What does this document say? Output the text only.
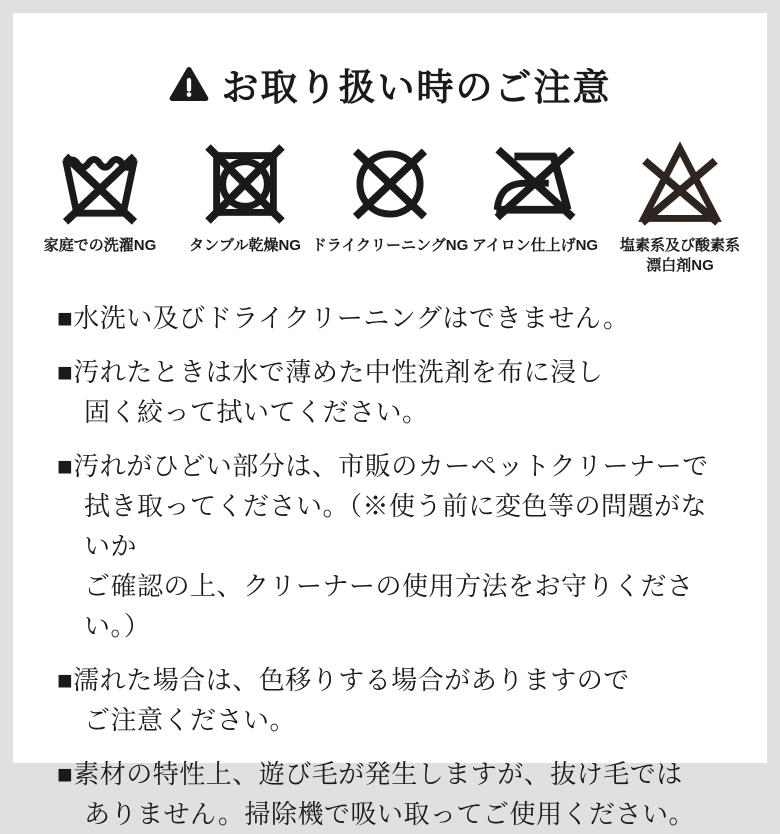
お取り扱い時のご注意
家庭での洗濯NG タンブル乾燥NG ドライクリーニングNG アイロン仕上げNG 塩素系及び酸素系
漂白剤NG
■水洗い及びドライクリーニングはできません。
■汚れたときは水で薄めた中性洗剤を布に浸し
固く絞って拭いてください。
■汚れがひどい部分は、市販のカーペットクリーナーで
拭き取ってください。（※使う前に変色等の問題がないか
ご確認の上、クリーナーの使用方法をお守りください。）
■濡れた場合は、色移りする場合がありますので
ご注意ください。
■素材の特性上、遊び毛が発生しますが、抜け毛では
ありません。掃除機で吸い取ってご使用ください。
